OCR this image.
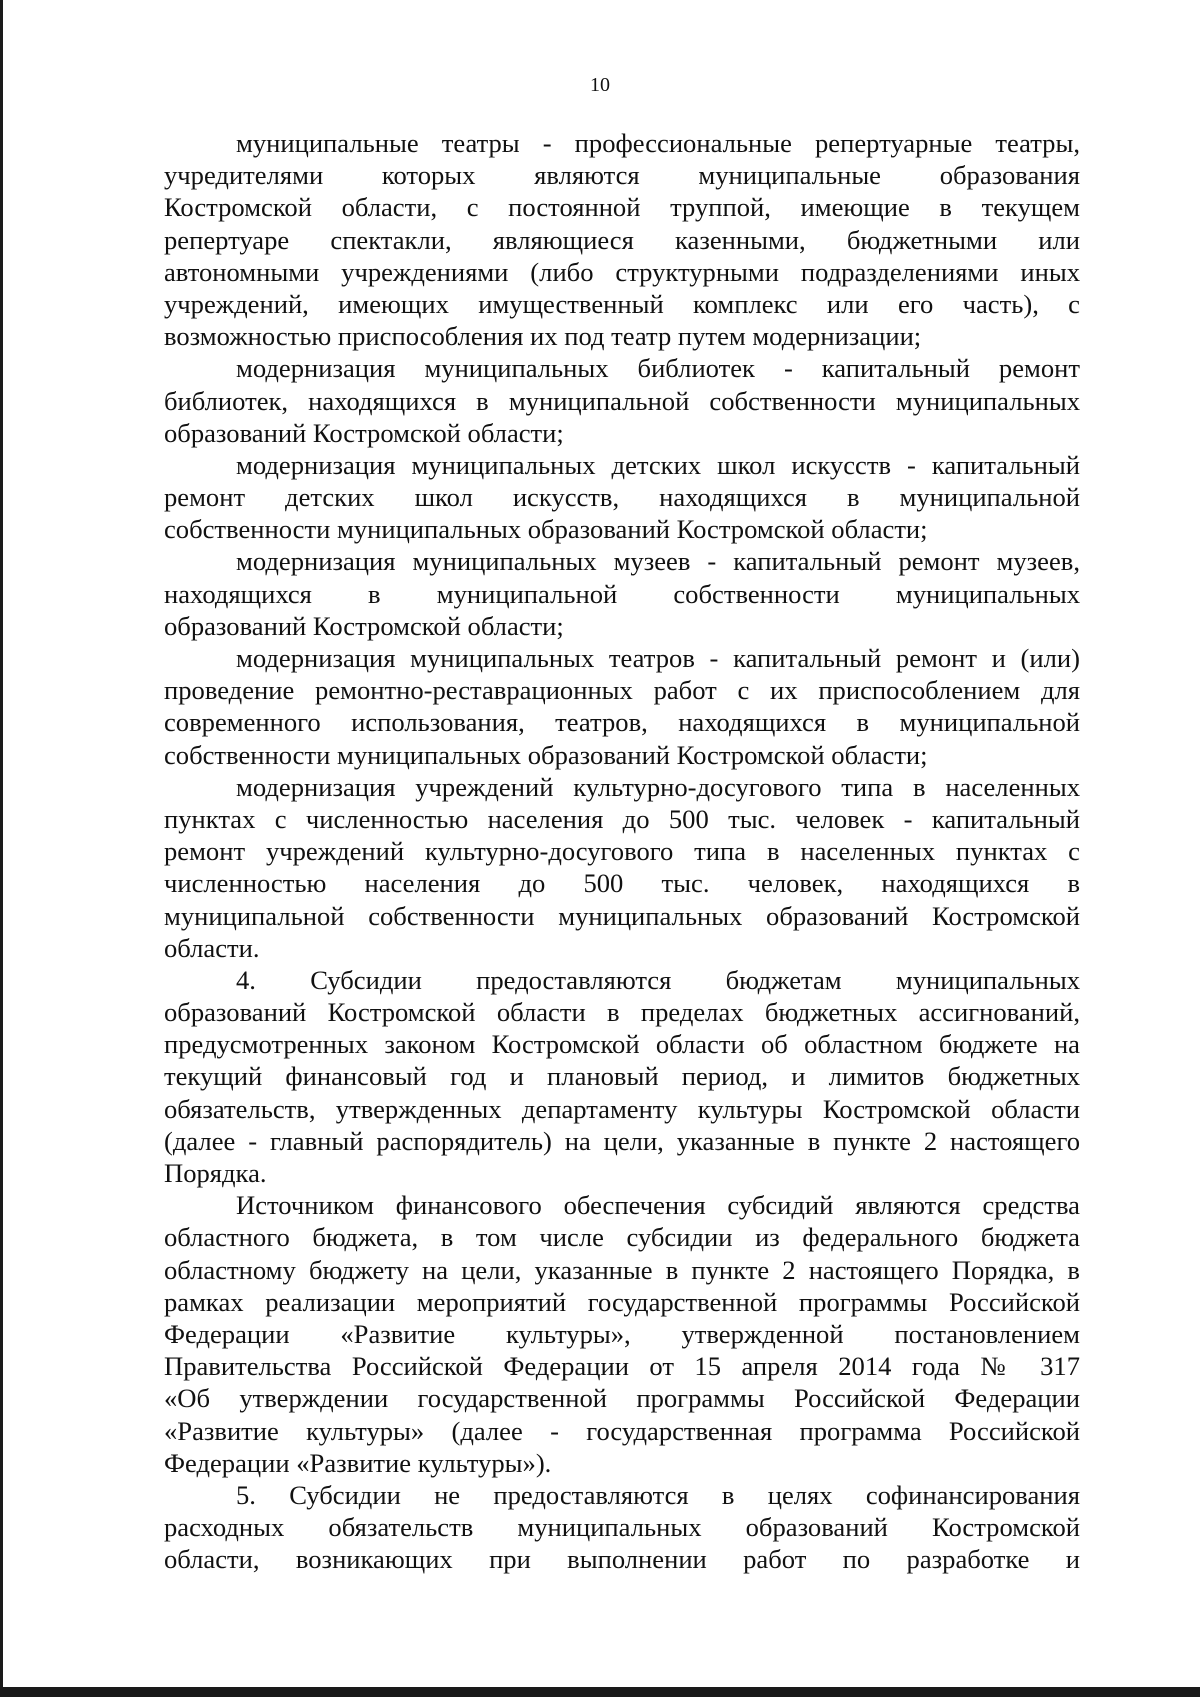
10
муниципальные театры - профессиональные репертуарные театры,
учредителями которых являются муниципальные образования
Костромской области, с постоянной труппой, имеющие в текущем
репертуаре спектакли, являющиеся казенными, бюджетными или
автономными учреждениями (либо структурными подразделениями иных
учреждений, имеющих имущественный комплекс или его часть), с
возможностью приспособления их под театр путем модернизации;
модернизация муниципальных библиотек - капитальный ремонт
библиотек, находящихся в муниципальной собственности муниципальных
образований Костромской области;
модернизация муниципальных детских школ искусств - капитальный
ремонт детских школ искусств, находящихся в муниципальной
собственности муниципальных образований Костромской области;
модернизация муниципальных музеев - капитальный ремонт музеев,
находящихся в муниципальной собственности муниципальных
образований Костромской области;
модернизация муниципальных театров - капитальный ремонт и (или)
проведение ремонтно-реставрационных работ с их приспособлением для
современного использования, театров, находящихся в муниципальной
собственности муниципальных образований Костромской области;
модернизация учреждений культурно-досугового типа в населенных
пунктах с численностью населения до 500 тыс. человек - капитальный
ремонт учреждений культурно-досугового типа в населенных пунктах с
численностью населения до 500 тыс. человек, находящихся в
муниципальной собственности муниципальных образований Костромской
области.
4. Субсидии предоставляются бюджетам муниципальных
образований Костромской области в пределах бюджетных ассигнований,
предусмотренных законом Костромской области об областном бюджете на
текущий финансовый год и плановый период, и лимитов бюджетных
обязательств, утвержденных департаменту культуры Костромской области
(далее - главный распорядитель) на цели, указанные в пункте 2 настоящего
Порядка.
Источником финансового обеспечения субсидий являются средства
областного бюджета, в том числе субсидии из федерального бюджета
областному бюджету на цели, указанные в пункте 2 настоящего Порядка, в
рамках реализации мероприятий государственной программы Российской
Федерации «Развитие культуры», утвержденной постановлением
Правительства Российской Федерации от 15 апреля 2014 года № 317
«Об утверждении государственной программы Российской Федерации
«Развитие культуры» (далее - государственная программа Российской
Федерации «Развитие культуры»).
5. Субсидии не предоставляются в целях софинансирования
расходных обязательств муниципальных образований Костромской
области, возникающих при выполнении работ по разработке и
